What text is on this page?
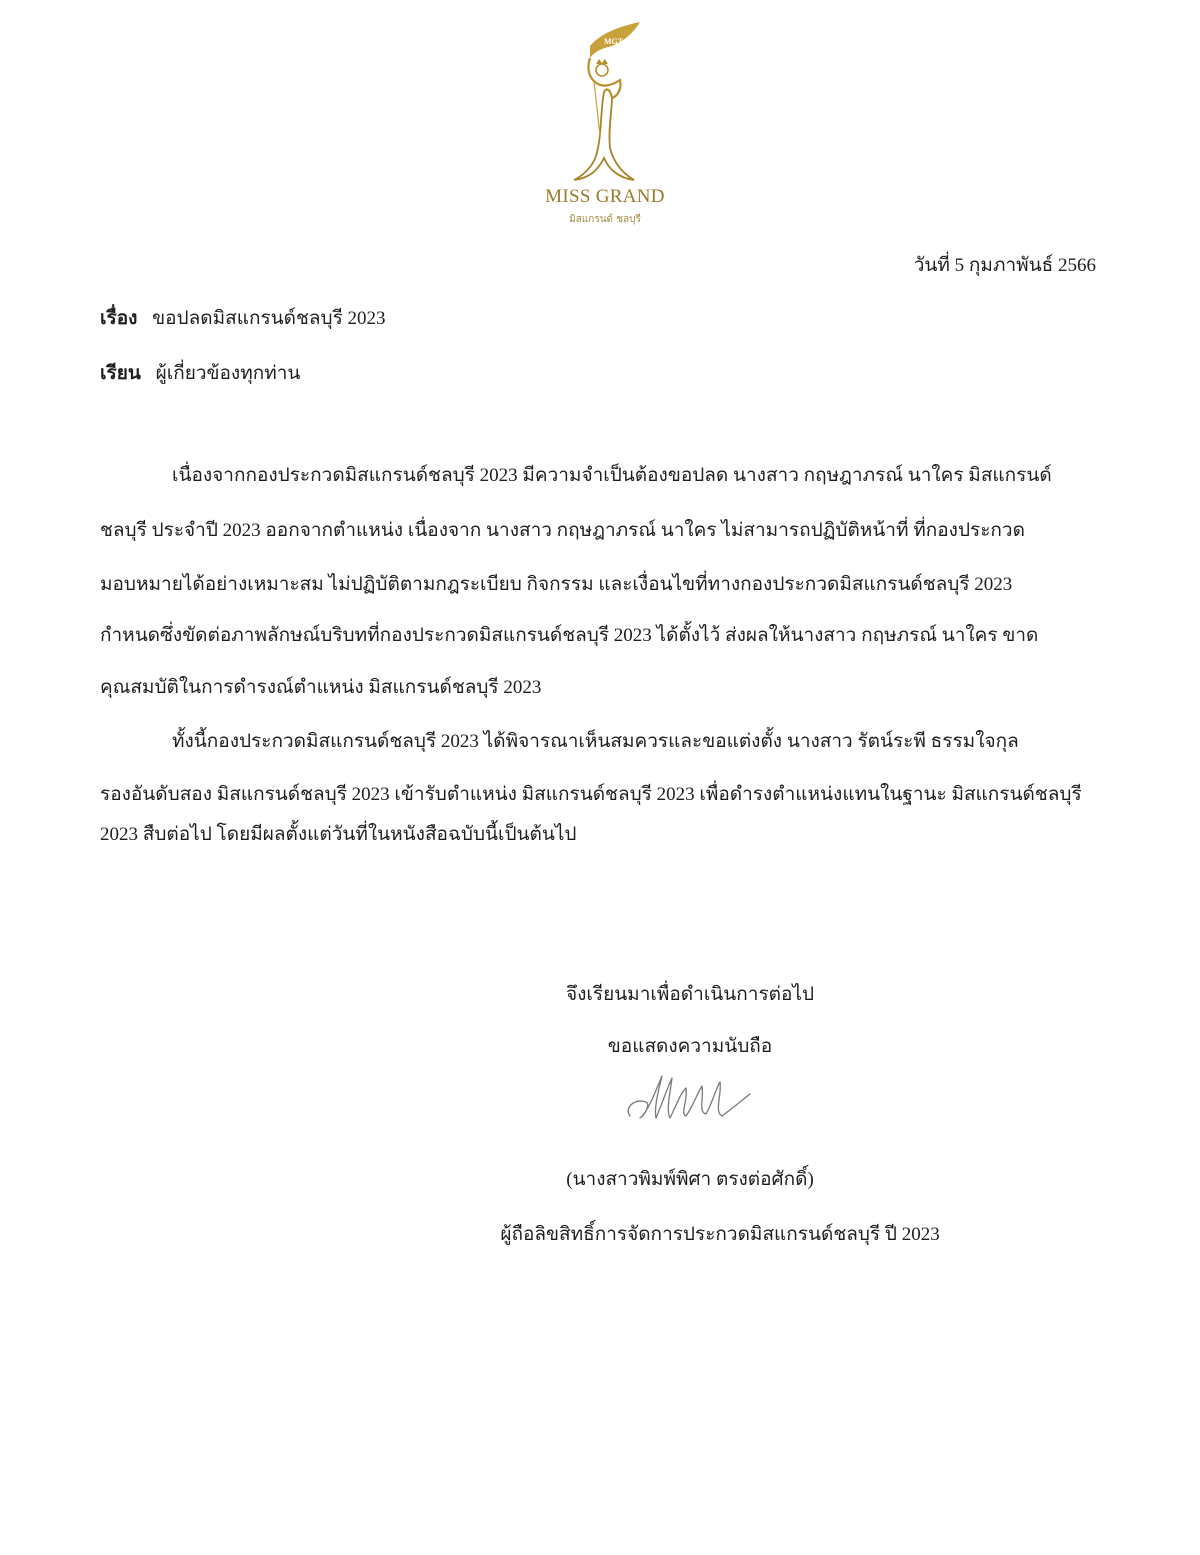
MGT
MISS GRAND
มิสแกรนด์ ชลบุรี
วันที่ 5 กุมภาพันธ์ 2566
เรื่อง ขอปลดมิสแกรนด์ชลบุรี 2023
เรียน ผู้เกี่ยวข้องทุกท่าน
เนื่องจากกองประกวดมิสแกรนด์ชลบุรี 2023 มีความจำเป็นต้องขอปลด นางสาว กฤษฎาภรณ์ นาใคร มิสแกรนด์
ชลบุรี ประจำปี 2023 ออกจากตำแหน่ง เนื่องจาก นางสาว กฤษฎาภรณ์ นาใคร ไม่สามารถปฏิบัติหน้าที่ ที่กองประกวด
มอบหมายได้อย่างเหมาะสม ไม่ปฏิบัติตามกฎระเบียบ กิจกรรม และเงื่อนไขที่ทางกองประกวดมิสแกรนด์ชลบุรี 2023
กำหนดซึ่งขัดต่อภาพลักษณ์บริบทที่กองประกวดมิสแกรนด์ชลบุรี 2023 ได้ตั้งไว้ ส่งผลให้นางสาว กฤษภรณ์ นาใคร ขาด
คุณสมบัติในการดำรงณ์ตำแหน่ง มิสแกรนด์ชลบุรี 2023
ทั้งนี้กองประกวดมิสแกรนด์ชลบุรี 2023 ได้พิจารณาเห็นสมควรและขอแต่งตั้ง นางสาว รัตน์ระพี ธรรมใจกุล
รองอันดับสอง มิสแกรนด์ชลบุรี 2023 เข้ารับตำแหน่ง มิสแกรนด์ชลบุรี 2023 เพื่อดำรงตำแหน่งแทนในฐานะ มิสแกรนด์ชลบุรี
2023 สืบต่อไป โดยมีผลตั้งแต่วันที่ในหนังสือฉบับนี้เป็นต้นไป
จึงเรียนมาเพื่อดำเนินการต่อไป
ขอแสดงความนับถือ
(นางสาวพิมพ์พิศา ตรงต่อศักดิ์)
ผู้ถือลิขสิทธิ์การจัดการประกวดมิสแกรนด์ชลบุรี ปี 2023
